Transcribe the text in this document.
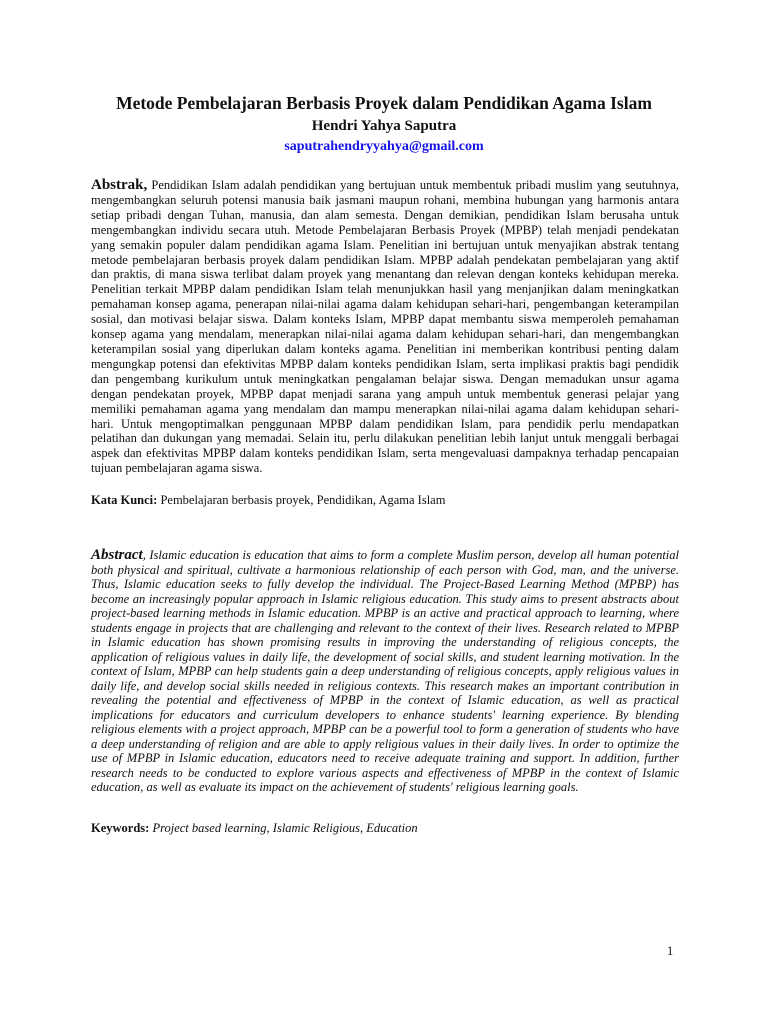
Metode Pembelajaran Berbasis Proyek dalam Pendidikan Agama Islam
Hendri Yahya Saputra
saputrahendryyahya@gmail.com
Abstrak, Pendidikan Islam adalah pendidikan yang bertujuan untuk membentuk pribadi muslim yang seutuhnya, mengembangkan seluruh potensi manusia baik jasmani maupun rohani, membina hubungan yang harmonis antara setiap pribadi dengan Tuhan, manusia, dan alam semesta. Dengan demikian, pendidikan Islam berusaha untuk mengembangkan individu secara utuh. Metode Pembelajaran Berbasis Proyek (MPBP) telah menjadi pendekatan yang semakin populer dalam pendidikan agama Islam. Penelitian ini bertujuan untuk menyajikan abstrak tentang metode pembelajaran berbasis proyek dalam pendidikan Islam. MPBP adalah pendekatan pembelajaran yang aktif dan praktis, di mana siswa terlibat dalam proyek yang menantang dan relevan dengan konteks kehidupan mereka. Penelitian terkait MPBP dalam pendidikan Islam telah menunjukkan hasil yang menjanjikan dalam meningkatkan pemahaman konsep agama, penerapan nilai-nilai agama dalam kehidupan sehari-hari, pengembangan keterampilan sosial, dan motivasi belajar siswa. Dalam konteks Islam, MPBP dapat membantu siswa memperoleh pemahaman konsep agama yang mendalam, menerapkan nilai-nilai agama dalam kehidupan sehari-hari, dan mengembangkan keterampilan sosial yang diperlukan dalam konteks agama. Penelitian ini memberikan kontribusi penting dalam mengungkap potensi dan efektivitas MPBP dalam konteks pendidikan Islam, serta implikasi praktis bagi pendidik dan pengembang kurikulum untuk meningkatkan pengalaman belajar siswa. Dengan memadukan unsur agama dengan pendekatan proyek, MPBP dapat menjadi sarana yang ampuh untuk membentuk generasi pelajar yang memiliki pemahaman agama yang mendalam dan mampu menerapkan nilai-nilai agama dalam kehidupan sehari-hari. Untuk mengoptimalkan penggunaan MPBP dalam pendidikan Islam, para pendidik perlu mendapatkan pelatihan dan dukungan yang memadai. Selain itu, perlu dilakukan penelitian lebih lanjut untuk menggali berbagai aspek dan efektivitas MPBP dalam konteks pendidikan Islam, serta mengevaluasi dampaknya terhadap pencapaian tujuan pembelajaran agama siswa.
Kata Kunci: Pembelajaran berbasis proyek, Pendidikan, Agama Islam
Abstract, Islamic education is education that aims to form a complete Muslim person, develop all human potential both physical and spiritual, cultivate a harmonious relationship of each person with God, man, and the universe. Thus, Islamic education seeks to fully develop the individual. The Project-Based Learning Method (MPBP) has become an increasingly popular approach in Islamic religious education. This study aims to present abstracts about project-based learning methods in Islamic education. MPBP is an active and practical approach to learning, where students engage in projects that are challenging and relevant to the context of their lives. Research related to MPBP in Islamic education has shown promising results in improving the understanding of religious concepts, the application of religious values in daily life, the development of social skills, and student learning motivation. In the context of Islam, MPBP can help students gain a deep understanding of religious concepts, apply religious values in daily life, and develop social skills needed in religious contexts. This research makes an important contribution in revealing the potential and effectiveness of MPBP in the context of Islamic education, as well as practical implications for educators and curriculum developers to enhance students' learning experience. By blending religious elements with a project approach, MPBP can be a powerful tool to form a generation of students who have a deep understanding of religion and are able to apply religious values in their daily lives. In order to optimize the use of MPBP in Islamic education, educators need to receive adequate training and support. In addition, further research needs to be conducted to explore various aspects and effectiveness of MPBP in the context of Islamic education, as well as evaluate its impact on the achievement of students' religious learning goals.
Keywords: Project based learning, Islamic Religious, Education
1
